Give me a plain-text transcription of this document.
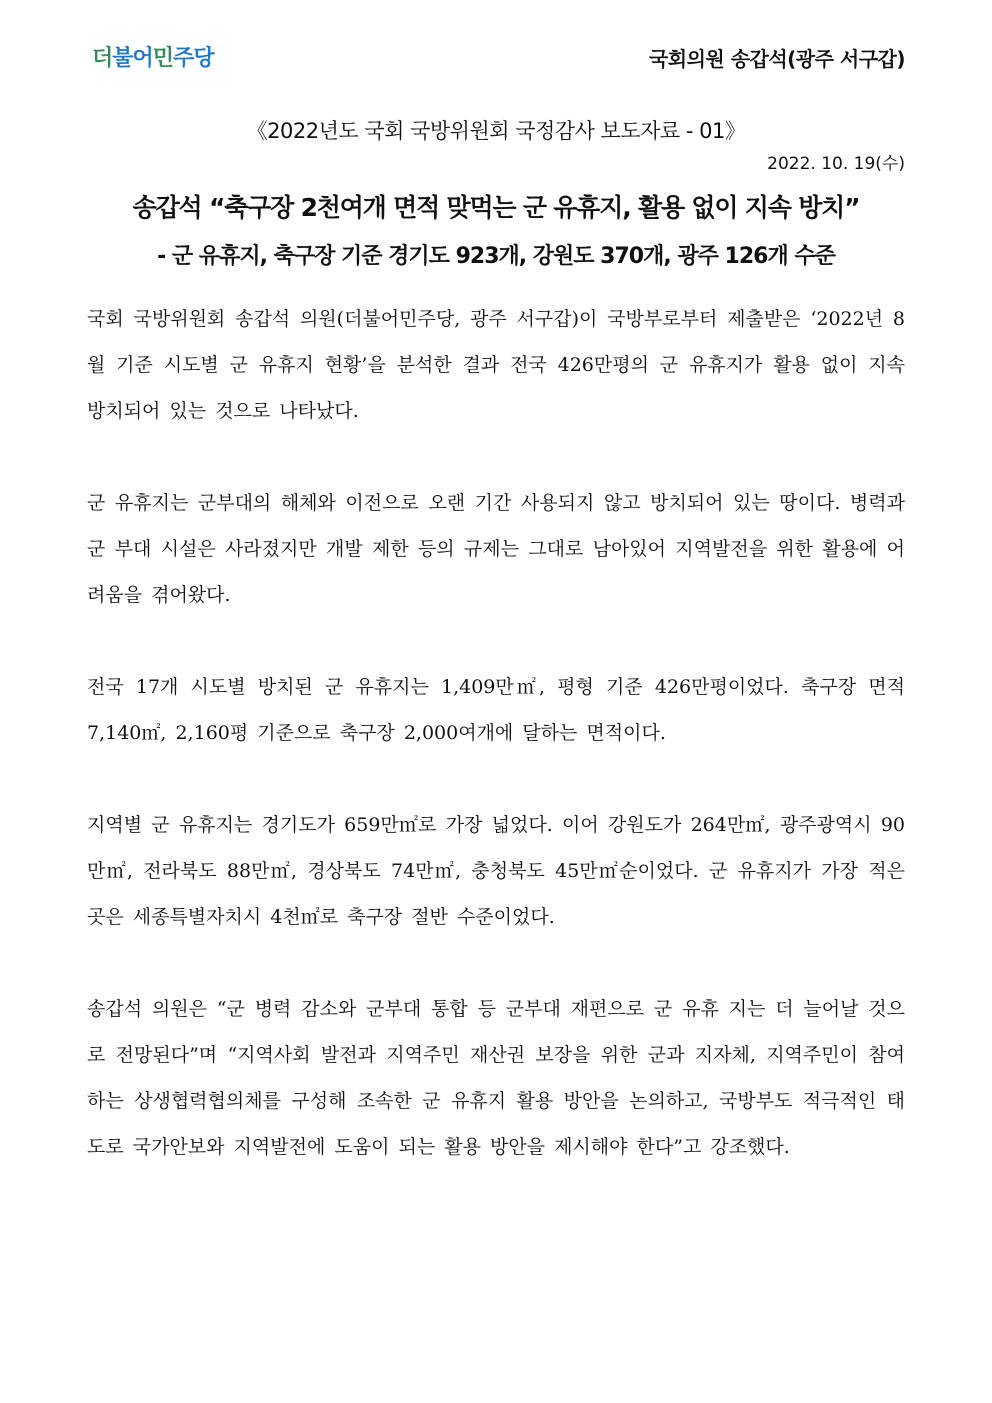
더불어민주당	국회의원 송갑석(광주 서구갑)
《2022년도 국회 국방위원회 국정감사 보도자료 - 01》
2022. 10. 19(수)
송갑석 “축구장 2천여개 면적 맞먹는 군 유휴지, 활용 없이 지속 방치”
- 군 유휴지, 축구장 기준 경기도 923개, 강원도 370개, 광주 126개 수준

국회 국방위원회 송갑석 의원(더불어민주당, 광주 서구갑)이 국방부로부터 제출받은 ‘2022년 8월 기준 시도별 군 유휴지 현황’을 분석한 결과 전국 426만평의 군 유휴지가 활용 없이 지속 방치되어 있는 것으로 나타났다.

군 유휴지는 군부대의 해체와 이전으로 오랜 기간 사용되지 않고 방치되어 있는 땅이다. 병력과 군 부대 시설은 사라졌지만 개발 제한 등의 규제는 그대로 남아있어 지역발전을 위한 활용에 어려움을 겪어왔다.

전국 17개 시도별 방치된 군 유휴지는 1,409만㎡, 평형 기준 426만평이었다. 축구장 면적 7,140㎡, 2,160평 기준으로 축구장 2,000여개에 달하는 면적이다.

지역별 군 유휴지는 경기도가 659만㎡로 가장 넓었다. 이어 강원도가 264만㎡, 광주광역시 90만㎡, 전라북도 88만㎡, 경상북도 74만㎡, 충청북도 45만㎡순이었다. 군 유휴지가 가장 적은 곳은 세종특별자치시 4천㎡로 축구장 절반 수준이었다.

송갑석 의원은 “군 병력 감소와 군부대 통합 등 군부대 재편으로 군 유휴 지는 더 늘어날 것으로 전망된다”며 “지역사회 발전과 지역주민 재산권 보장을 위한 군과 지자체, 지역주민이 참여하는 상생협력협의체를 구성해 조속한 군 유휴지 활용 방안을 논의하고, 국방부도 적극적인 태도로 국가안보와 지역발전에 도움이 되는 활용 방안을 제시해야 한다”고 강조했다.
